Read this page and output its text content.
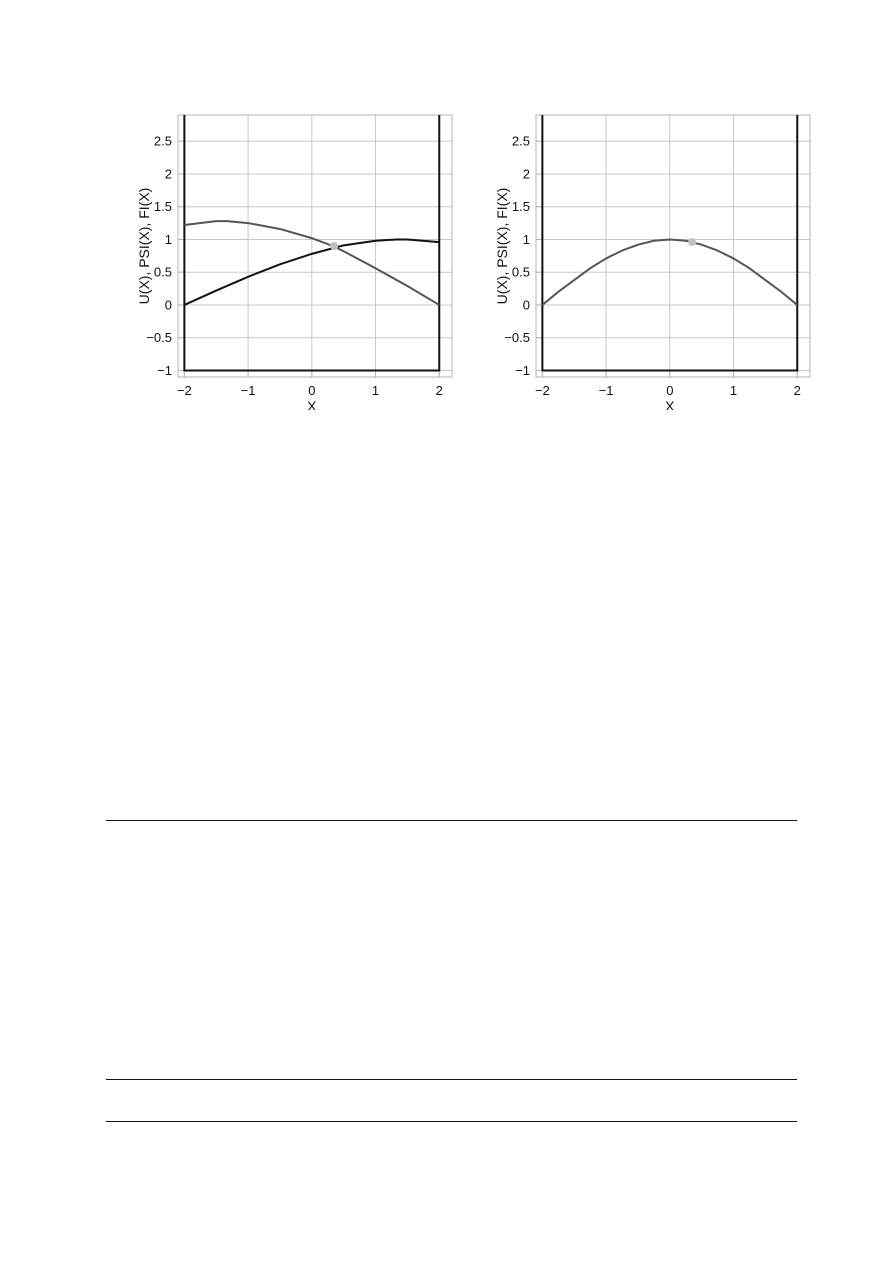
−2	−1	0	1	2
−1
−0.5
0
0.5
1
1.5
2
2.5
X
U(X), PSI(X), FI(X)
−2	−1	0	1	2
−1
−0.5
0
0.5
1
1.5
2
2.5
X
U(X), PSI(X), FI(X)
